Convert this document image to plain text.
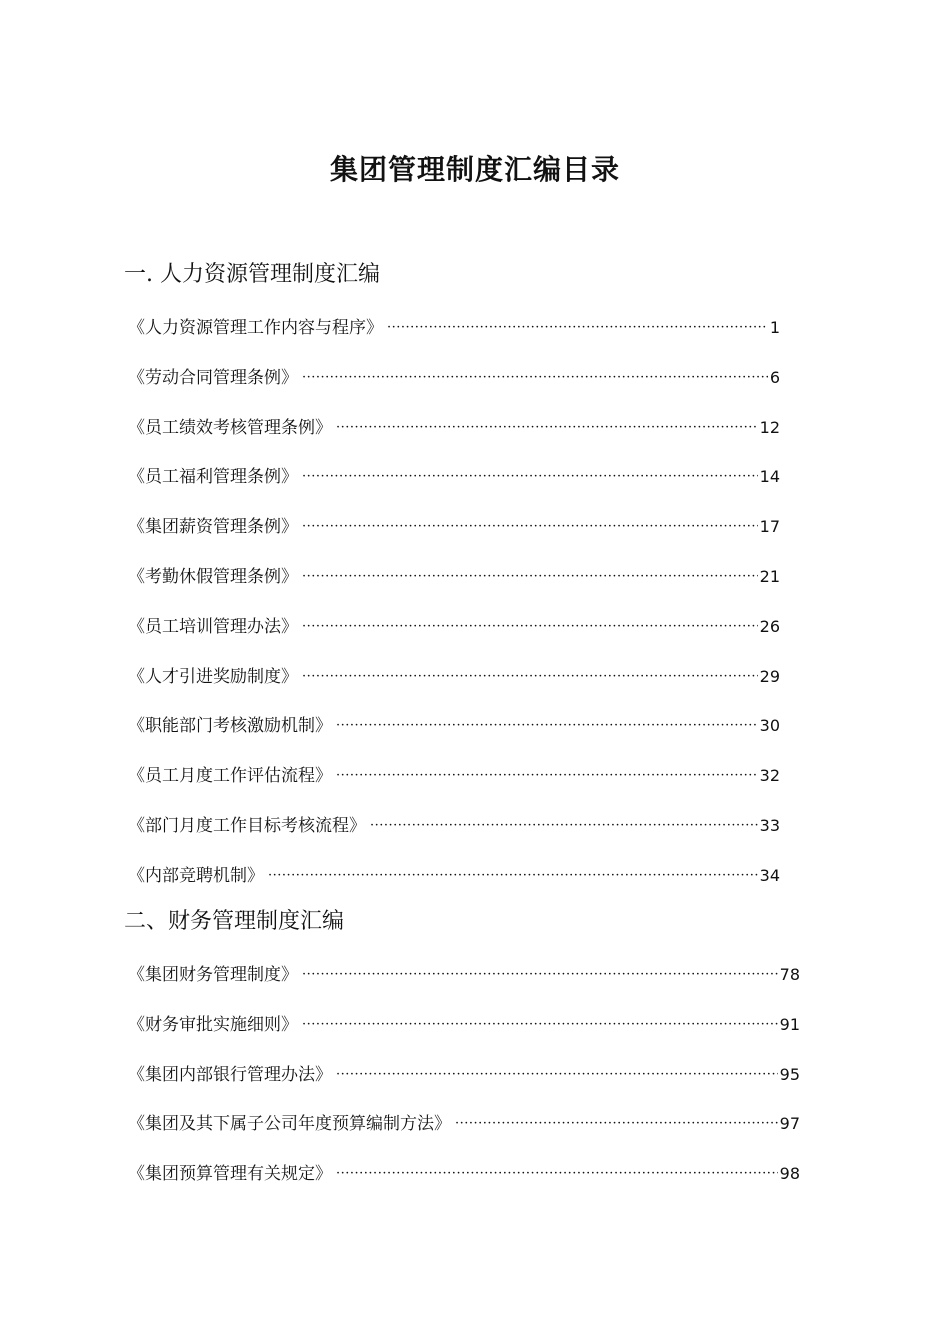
集团管理制度汇编目录
一. 人力资源管理制度汇编
《人力资源管理工作内容与程序》 ·····	1
《劳动合同管理条例》 ·····	6
《员工绩效考核管理条例》 ·····	12
《员工福利管理条例》 ·····	14
《集团薪资管理条例》 ·····	17
《考勤休假管理条例》 ·····	21
《员工培训管理办法》 ·····	26
《人才引进奖励制度》 ·····	29
《职能部门考核激励机制》 ·····	30
《员工月度工作评估流程》 ·····	32
《部门月度工作目标考核流程》 ·····	33
《内部竞聘机制》 ·····	34
二、财务管理制度汇编
《集团财务管理制度》 ·····	78
《财务审批实施细则》 ·····	91
《集团内部银行管理办法》 ·····	95
《集团及其下属子公司年度预算编制方法》 ·····	97
《集团预算管理有关规定》 ·····	98
